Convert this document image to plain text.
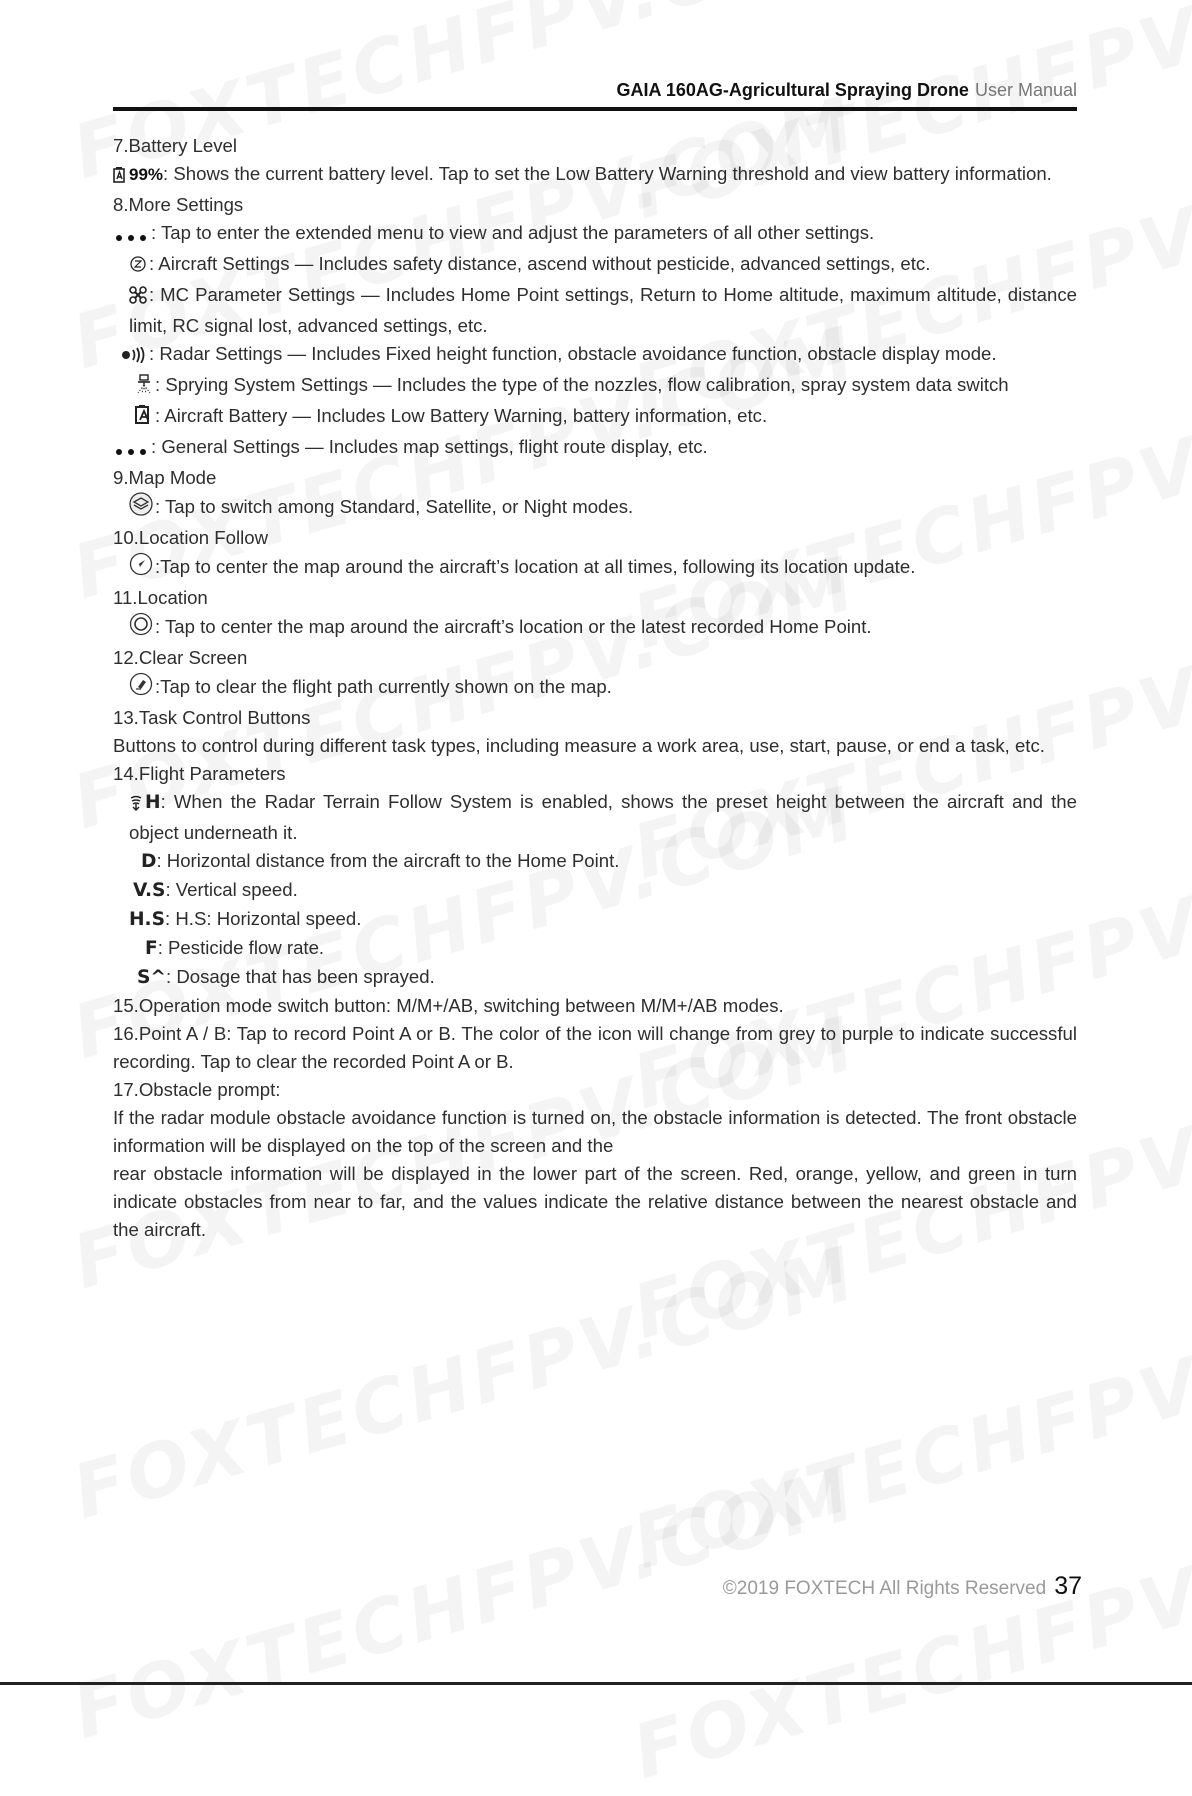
GAIA 160AG-Agricultural Spraying Drone User Manual
7.Battery Level
99%: Shows the current battery level. Tap to set the Low Battery Warning threshold and view battery information.
8.More Settings
: Tap to enter the extended menu to view and adjust the parameters of all other settings.
: Aircraft Settings — Includes safety distance, ascend without pesticide, advanced settings, etc.
: MC Parameter Settings — Includes Home Point settings, Return to Home altitude, maximum altitude, distance limit, RC signal lost, advanced settings, etc.
: Radar Settings — Includes Fixed height function, obstacle avoidance function, obstacle display mode.
: Sprying System Settings — Includes the type of the nozzles, flow calibration, spray system data switch
: Aircraft Battery — Includes Low Battery Warning, battery information, etc.
: General Settings — Includes map settings, flight route display, etc.
9.Map Mode
: Tap to switch among Standard, Satellite, or Night modes.
10.Location Follow
:Tap to center the map around the aircraft’s location at all times, following its location update.
11.Location
: Tap to center the map around the aircraft’s location or the latest recorded Home Point.
12.Clear Screen
:Tap to clear the flight path currently shown on the map.
13.Task Control Buttons
Buttons to control during different task types, including measure a work area, use, start, pause, or end a task, etc.
14.Flight Parameters
H: When the Radar Terrain Follow System is enabled, shows the preset height between the aircraft and the object underneath it.
D: Horizontal distance from the aircraft to the Home Point.
V.S: Vertical speed.
H.S: H.S: Horizontal speed.
F: Pesticide flow rate.
S^: Dosage that has been sprayed.
15.Operation mode switch button: M/M+/AB, switching between M/M+/AB modes.
16.Point A / B: Tap to record Point A or B. The color of the icon will change from grey to purple to indicate successful recording. Tap to clear the recorded Point A or B.
17.Obstacle prompt:
If the radar module obstacle avoidance function is turned on, the obstacle information is detected. The front obstacle information will be displayed on the top of the screen and the
rear obstacle information will be displayed in the lower part of the screen. Red, orange, yellow, and green in turn indicate obstacles from near to far, and the values indicate the relative distance between the nearest obstacle and the aircraft.
©2019 FOXTECH All Rights Reserved 37
